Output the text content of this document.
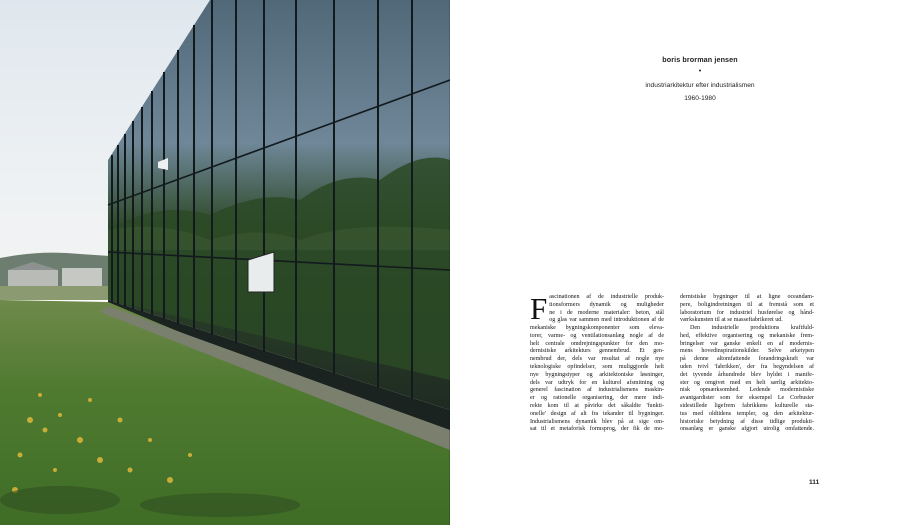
boris brorman jensen
•
industriarkitektur efter industrialismen
1960-1980
F ascinationen af de industrielle produk-

tionsformers dynamik og muligheder

ne i de moderne materialer: beton, stål

og glas var sammen med introduktionen af de

mekaniske bygningskomponenter som eleva-

torer, varme- og ventilationsanlæg nogle af de

helt centrale omdrejningspunkter for den mo-

dernistiske arkitekturs gennembrud. Et gen-

nembrud der, dels var resultat af nogle nye

teknologiske opfindelser, som muliggjorde helt

nye bygningstyper og arkitektoniske løsninger,

dels var udtryk for en kulturel afsmitning og

generel fascination af industrialismens maskin-

er og rationelle organisering, der mere indi-

rekte kom til at påvirke det såkaldte 'funkti-

onelle' design af alt fra tekander til bygninger.

Industrialismens dynamik blev på at sige om-

sat til et metaforisk formsprog, der fik de mo-

dernistiske bygninger til at ligne oceandam-

pere, boligindretningen til at fremstå som et

laboratorium for industriel husførelse og hånd-

værkskunsten til at se masseftabrikeret ud.

Den industrielle produktions kraftfuld-

hed, effektive organisering og mekaniske frem-

bringelser var ganske enkelt en af modernis-

mens hovedinspirationskilder. Selve arketypen

på denne altomfattende forandringskraft var

uden tvivl 'fabrikken', der fra begyndelsen af

det tyvende århundrede blev hyldet i manife-

ster og omgivet med en helt særlig arkitekto-

nisk opmærksomhed. Ledende modernistiske

avantgardister som for eksempel Le Corbusier

sidestillede ligefrem fabrikkens kulturelle sta-

tus med oldtidens templer, og den arkitektur-

historiske betydning af disse tidlige produkti-

onsanlæg er ganske afgjort utrolig omfattende.

111
